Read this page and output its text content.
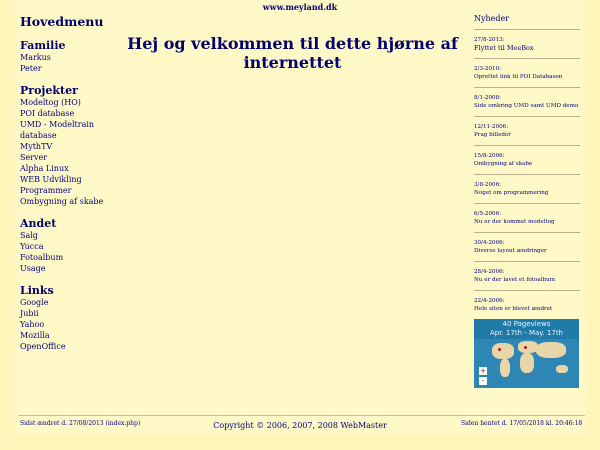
www.meyland.dk
Hovedmenu
Familie
Markus
Peter
Projekter
Modeltog (HO)
POI database
UMD - Modeltrain database
MythTV
Server
Alpha Linux
WEB Udvikling
Programmer
Ombygning af skabe
Andet
Salg
Yucca
Fotoalbum
Usage
Links
Google
Jubii
Yahoo
Mozilla
OpenOffice
Hej og velkommen til dette hjørne af internettet
Nyheder
27/8-2013:
Flyttet til MeeBox
2/3-2010:
Oprettet link til POI Databasen
8/1-2008:
Side omkring UMD samt UMD demo
12/11-2006:
Prag billeder
15/8-2006:
Ombygning af skabe
3/8-2006:
Noget om programmering
6/5-2006:
Nu er der kommet modeltog
30/4-2006:
Diverse layout ændringer
28/4-2006:
Nu er der lavet et fotoalbum
22/4-2006:
Hele siten er blevet ændret
40 Pageviews
Apr. 17th - May. 17th
+
-
Sidst ændret d. 27/08/2013 (index.php)	Copyright © 2006, 2007, 2008 WebMaster	Siden hentet d. 17/05/2018 kl. 20:46:18
